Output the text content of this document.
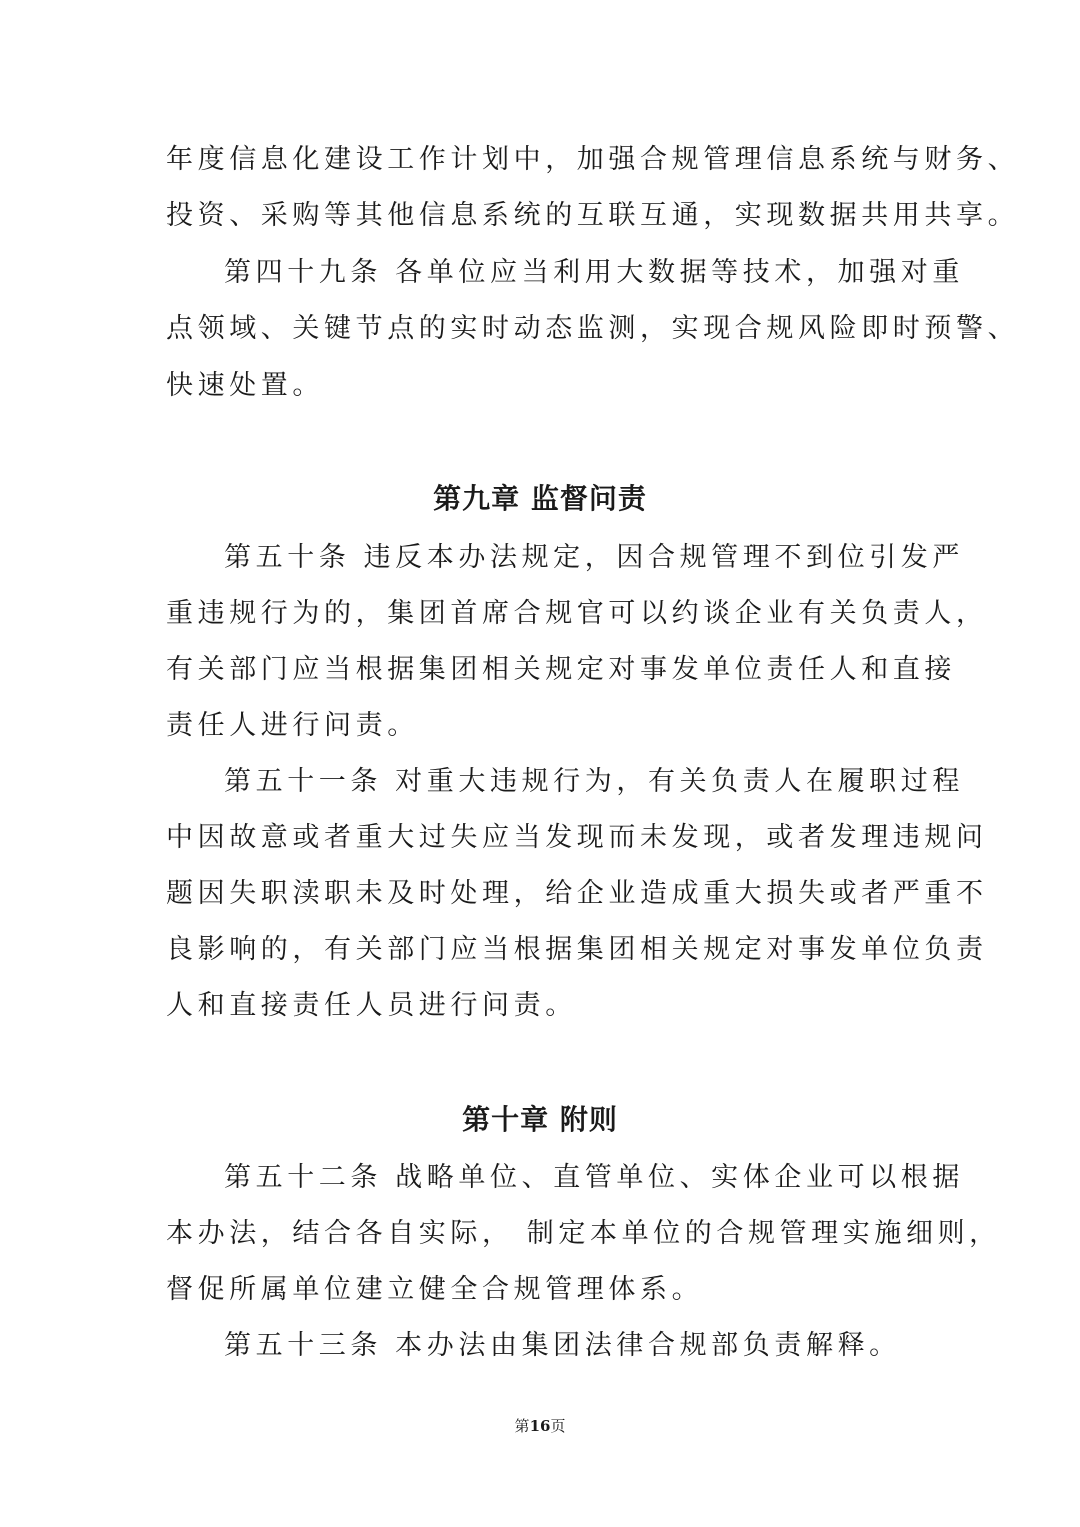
年度信息化建设工作计划中，加强合规管理信息系统与财务、
投资、采购等其他信息系统的互联互通，实现数据共用共享。
第四十九条 各单位应当利用大数据等技术，加强对重
点领域、关键节点的实时动态监测，实现合规风险即时预警、
快速处置。
第九章 监督问责
第五十条 违反本办法规定，因合规管理不到位引发严
重违规行为的，集团首席合规官可以约谈企业有关负责人，
有关部门应当根据集团相关规定对事发单位责任人和直接
责任人进行问责。
第五十一条 对重大违规行为，有关负责人在履职过程
中因故意或者重大过失应当发现而未发现，或者发理违规问
题因失职渎职未及时处理，给企业造成重大损失或者严重不
良影响的，有关部门应当根据集团相关规定对事发单位负责
人和直接责任人员进行问责。
第十章 附则
第五十二条 战略单位、直管单位、实体企业可以根据
本办法，结合各自实际， 制定本单位的合规管理实施细则，
督促所属单位建立健全合规管理体系。
第五十三条 本办法由集团法律合规部负责解释。
第16页
